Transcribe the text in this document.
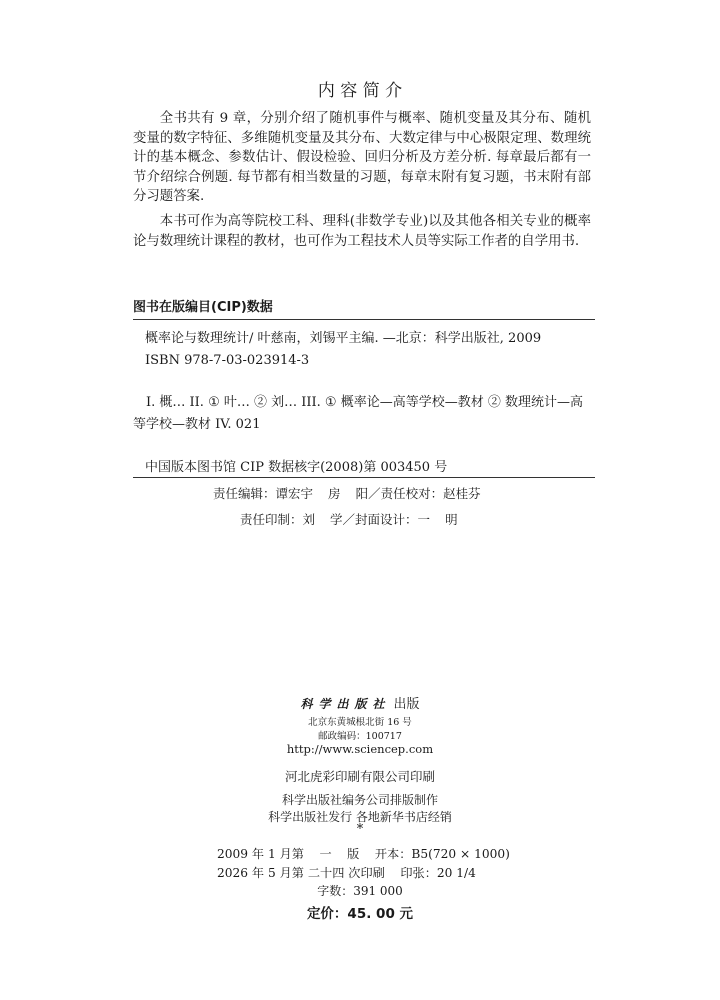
内 容 简 介

全书共有 9 章，分别介绍了随机事件与概率、随机变量及其分布、随机变量的数字特征、多维随机变量及其分布、大数定律与中心极限定理、数理统计的基本概念、参数估计、假设检验、回归分析及方差分析. 每章最后都有一节介绍综合例题. 每节都有相当数量的习题，每章末附有复习题，书末附有部分习题答案.

本书可作为高等院校工科、理科(非数学专业)以及其他各相关专业的概率论与数理统计课程的教材，也可作为工程技术人员等实际工作者的自学用书.

图书在版编目(CIP)数据
概率论与数理统计/ 叶慈南，刘锡平主编. —北京：科学出版社, 2009
ISBN 978-7-03-023914-3
I. 概… II. ① 叶… ② 刘… III. ① 概率论—高等学校—教材 ② 数理统计—高等学校—教材 IV. 021
中国版本图书馆 CIP 数据核字(2008)第 003450 号
责任编辑：谭宏宇  房  阳／责任校对：赵桂芬
责任印制：刘  学／封面设计：一  明
科学出版社 出版
北京东黄城根北街 16 号
邮政编码：100717
http://www.sciencep.com
河北虎彩印刷有限公司印刷
科学出版社编务公司排版制作
科学出版社发行 各地新华书店经销
*
2009 年 1 月第    一    版    开本：B5(720 × 1000)
2026 年 5 月第 二十四 次印刷    印张：20 1/4
字数：391 000
定价：45. 00 元
